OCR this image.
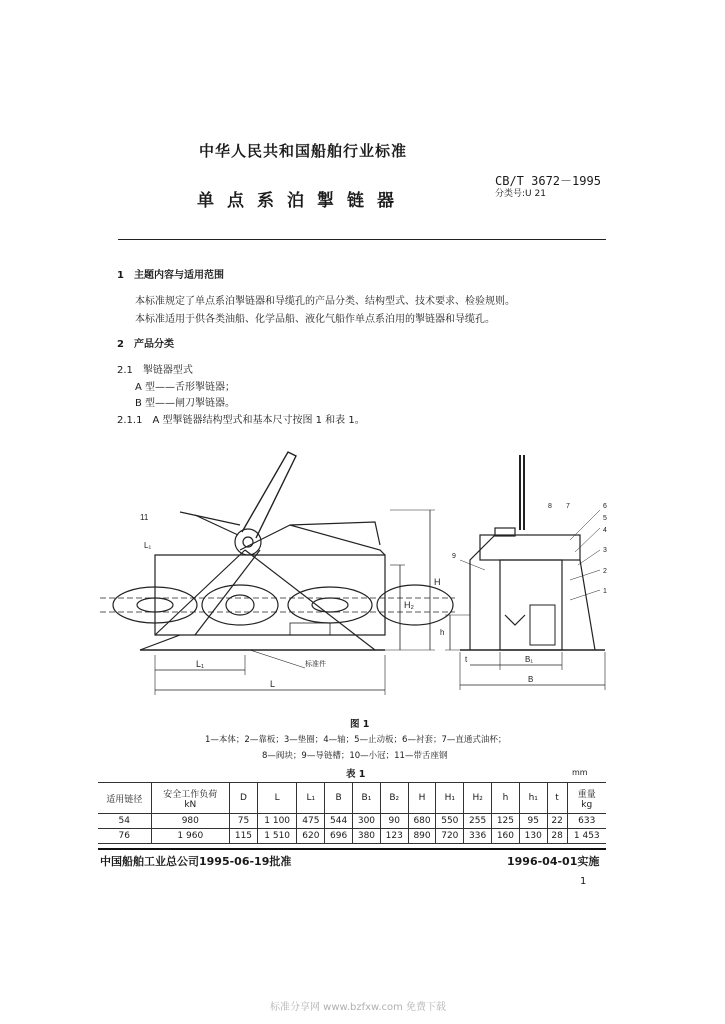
中华人民共和国船舶行业标准
单点系泊掣链器
CB/T 3672－1995
分类号:U 21
1　主题内容与适用范围
本标准规定了单点系泊掣链器和导缆孔的产品分类、结构型式、技术要求、检验规则。
本标准适用于供各类油船、化学品船、液化气船作单点系泊用的掣链器和导缆孔。
2　产品分类
2.1　掣链器型式
A 型——舌形掣链器；
B 型——闸刀掣链器。
2.1.1　A 型掣链器结构型式和基本尺寸按图 1 和表 1。
11
L₁
L₁
L
H
H₂
标准件
8 7	6
5
4
3
2
1
9
h
B₁
B
t
图 1
1—本体；2—靠板；3—垫圈；4—轴；5—止动板；6—衬套；7—直通式油杯；
8—阀块；9—导链槽；10—小冠；11—带舌座钢
表 1	mm
适用链径	安全工作负荷
kN	D	L	L₁	B	B₁	B₂	H	H₁	H₂	h	h₁	t	重量
kg
54	980	75	1 100	475	544	300	90	680	550	255	125	95	22	633
76	1 960	115	1 510	620	696	380	123	890	720	336	160	130	28	1 453
中国船舶工业总公司1995-06-19批准	1996-04-01实施
1
标准分享网 www.bzfxw.com 免费下载
